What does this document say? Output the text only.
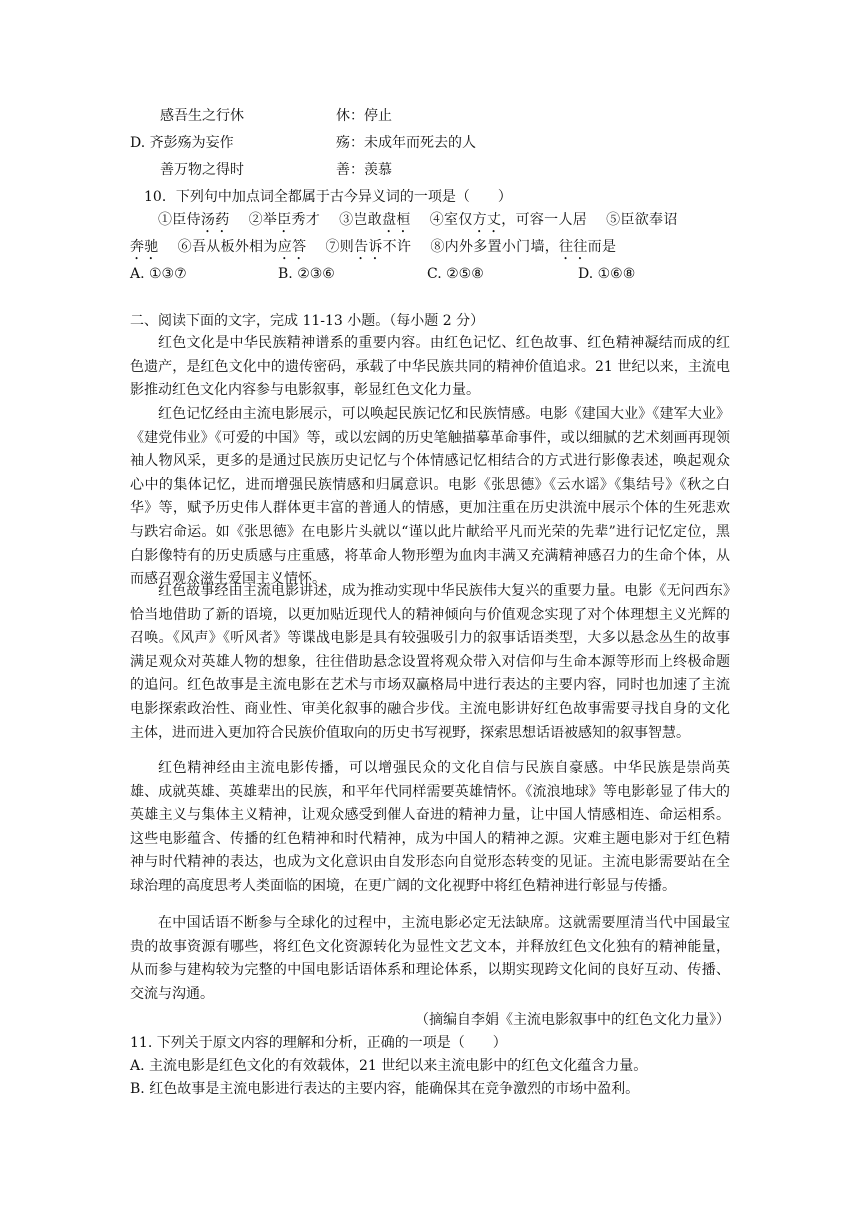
感吾生之行休	休：停止
D. 齐彭殇为妄作	殇：未成年而死去的人
善万物之得时	善：羡慕
10．下列句中加点词全都属于古今异义词的一项是（　　）
①臣侍汤药  ②举臣秀才  ③岂敢盘桓  ④室仅方丈，可容一人居  ⑤臣欲奉诏
奔驰  ⑥吾从板外相为应答  ⑦则告诉不许  ⑧内外多置小门墙，往往而是
A. ①③⑦	B. ②③⑥	C. ②⑤⑧	D. ①⑥⑧
二、阅读下面的文字，完成 11-13 小题。（每小题 2 分）
红色文化是中华民族精神谱系的重要内容。由红色记忆、红色故事、红色精神凝结而成的红色遗产，是红色文化中的遗传密码，承载了中华民族共同的精神价值追求。21 世纪以来，主流电影推动红色文化内容参与电影叙事，彰显红色文化力量。
红色记忆经由主流电影展示，可以唤起民族记忆和民族情感。电影《建国大业》《建军大业》《建党伟业》《可爱的中国》等，或以宏阔的历史笔触描摹革命事件，或以细腻的艺术刻画再现领袖人物风采，更多的是通过民族历史记忆与个体情感记忆相结合的方式进行影像表述，唤起观众心中的集体记忆，进而增强民族情感和归属意识。电影《张思德》《云水谣》《集结号》《秋之白华》等，赋予历史伟人群体更丰富的普通人的情感，更加注重在历史洪流中展示个体的生死悲欢与跌宕命运。如《张思德》在电影片头就以“谨以此片献给平凡而光荣的先辈”进行记忆定位，黑白影像特有的历史质感与庄重感，将革命人物形塑为血肉丰满又充满精神感召力的生命个体，从而感召观众滋生爱国主义情怀。
红色故事经由主流电影讲述，成为推动实现中华民族伟大复兴的重要力量。电影《无问西东》恰当地借助了新的语境，以更加贴近现代人的精神倾向与价值观念实现了对个体理想主义光辉的召唤。《风声》《听风者》等谍战电影是具有较强吸引力的叙事话语类型，大多以悬念丛生的故事满足观众对英雄人物的想象，往往借助悬念设置将观众带入对信仰与生命本源等形而上终极命题的追问。红色故事是主流电影在艺术与市场双赢格局中进行表达的主要内容，同时也加速了主流电影探索政治性、商业性、审美化叙事的融合步伐。主流电影讲好红色故事需要寻找自身的文化主体，进而进入更加符合民族价值取向的历史书写视野，探索思想话语被感知的叙事智慧。
红色精神经由主流电影传播，可以增强民众的文化自信与民族自豪感。中华民族是崇尚英雄、成就英雄、英雄辈出的民族，和平年代同样需要英雄情怀。《流浪地球》等电影彰显了伟大的英雄主义与集体主义精神，让观众感受到催人奋进的精神力量，让中国人情感相连、命运相系。这些电影蕴含、传播的红色精神和时代精神，成为中国人的精神之源。灾难主题电影对于红色精神与时代精神的表达，也成为文化意识由自发形态向自觉形态转变的见证。主流电影需要站在全球治理的高度思考人类面临的困境，在更广阔的文化视野中将红色精神进行彰显与传播。
在中国话语不断参与全球化的过程中，主流电影必定无法缺席。这就需要厘清当代中国最宝贵的故事资源有哪些，将红色文化资源转化为显性文艺文本，并释放红色文化独有的精神能量，从而参与建构较为完整的中国电影话语体系和理论体系，以期实现跨文化间的良好互动、传播、交流与沟通。
（摘编自李娟《主流电影叙事中的红色文化力量》）
11. 下列关于原文内容的理解和分析，正确的一项是（　　）
A. 主流电影是红色文化的有效载体，21 世纪以来主流电影中的红色文化蕴含力量。
B. 红色故事是主流电影进行表达的主要内容，能确保其在竞争激烈的市场中盈利。
